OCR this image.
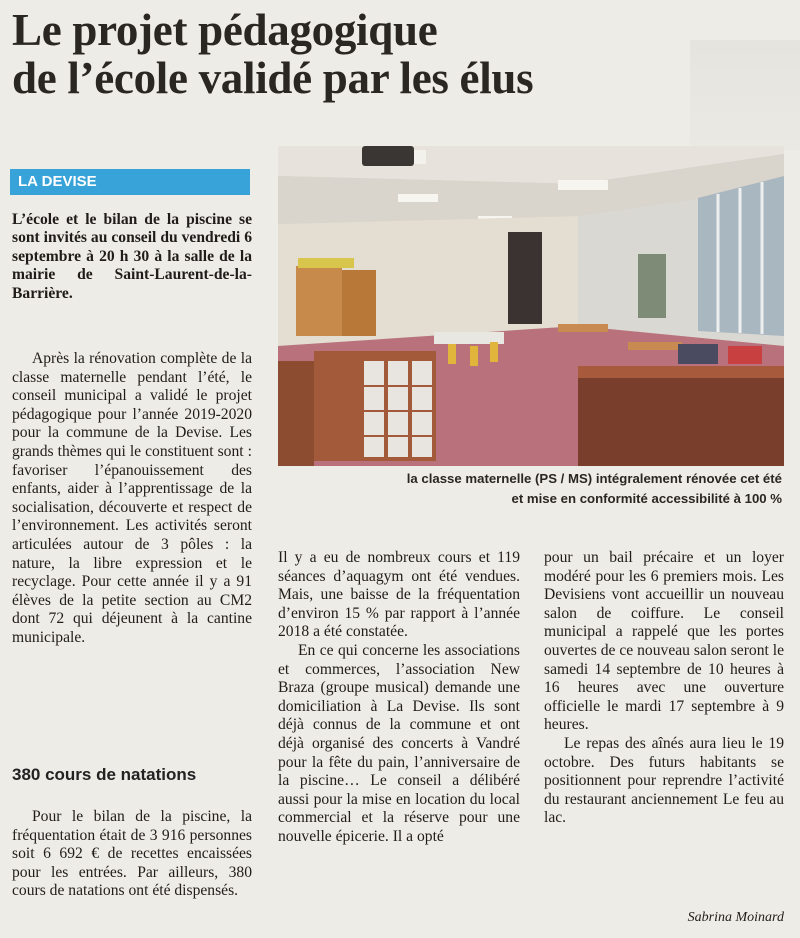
Le projet pédagogique
de l’école validé par les élus
LA DEVISE

L’école et le bilan de la piscine se sont invités au conseil du vendredi 6 septembre à 20 h 30 à la salle de la mairie de Saint-Laurent-de-la-Barrière.

Après la rénovation complète de la classe maternelle pendant l’été, le conseil municipal a validé le projet pédagogique pour l’année 2019-2020 pour la commune de la Devise. Les grands thèmes qui le constituent sont : favoriser l’épanouissement des enfants, aider à l’apprentissage de la socialisation, découverte et respect de l’environnement. Les activités seront articulées autour de 3 pôles : la nature, la libre expression et le recyclage. Pour cette année il y a 91 élèves de la petite section au CM2 dont 72 qui déjeunent à la cantine municipale.

380 cours de natations

Pour le bilan de la piscine, la fréquentation était de 3 916 personnes soit 6 692 € de recettes encaissées pour les entrées. Par ailleurs, 380 cours de natations ont été dispensés.

la classe maternelle (PS / MS) intégralement rénovée cet été
et mise en conformité accessibilité à 100 %

Il y a eu de nombreux cours et 119 séances d’aquagym ont été vendues. Mais, une baisse de la fréquentation d’environ 15 % par rapport à l’année 2018 a été constatée.

En ce qui concerne les associations et commerces, l’association New Braza (groupe musical) demande une domiciliation à La Devise. Ils sont déjà connus de la commune et ont déjà organisé des concerts à Vandré pour la fête du pain, l’anniversaire de la piscine… Le conseil a délibéré aussi pour la mise en location du local commercial et la réserve pour une nouvelle épicerie. Il a opté

pour un bail précaire et un loyer modéré pour les 6 premiers mois. Les Devisiens vont accueillir un nouveau salon de coiffure. Le conseil municipal a rappelé que les portes ouvertes de ce nouveau salon seront le samedi 14 septembre de 10 heures à 16 heures avec une ouverture officielle le mardi 17 septembre à 9 heures.

Le repas des aînés aura lieu le 19 octobre. Des futurs habitants se positionnent pour reprendre l’activité du restaurant anciennement Le feu au lac.

Sabrina Moinard
